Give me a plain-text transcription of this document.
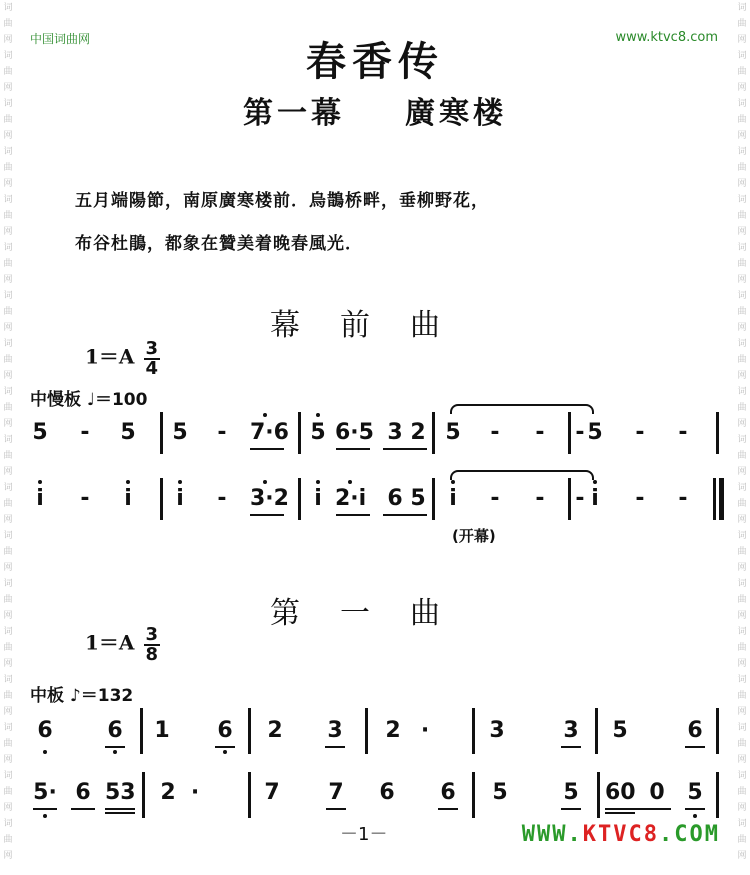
中国词曲网	www.ktvc8.com
词
曲
网
词
曲
网
词
曲
网
词
曲
网
词
曲
网
词
曲
网
词
曲
网
词
曲
网
词
曲
网
词
曲
网
词
曲
网
词
曲
网
词
曲
网
词
曲
网
词
曲
网
词
曲
网
词
曲
网
词
曲
网
词
曲
网
词
曲
网
词
曲
网
词
曲
网
词
曲
网
词
曲
网
词
曲
网
词
曲
网
词
曲
网
词
曲
网
词
曲
网
词
曲
网
词
曲
网
词
曲
网
词
曲
网
词
曲
网
词
曲
网
词
曲
网
春香传
第一幕 廣寒楼
五月端陽節，南原廣寒楼前．烏鵲桥畔，垂柳野花，
布谷杜鵑，都象在贊美着晚春風光．
幕前曲
$1=A \frac{3}{4}$
中慢板 ♩＝100
(开幕)
第一曲
$1=A \frac{3}{8}$
中板 ♪＝132
－1－	WWW.KTVC8.COM
5	-	5	5	-	7·6 5 6·5 3 2 5	-	-	- 5	-	-
i	-	i	i	-	3·2	i 2·i 6 5	i	-	-	- i	-	-
6	6	1	6	2	3	2 ·	3	3	5	6
5· 6 53	2 ·	7	7	6	6	5	5	60 0	5
